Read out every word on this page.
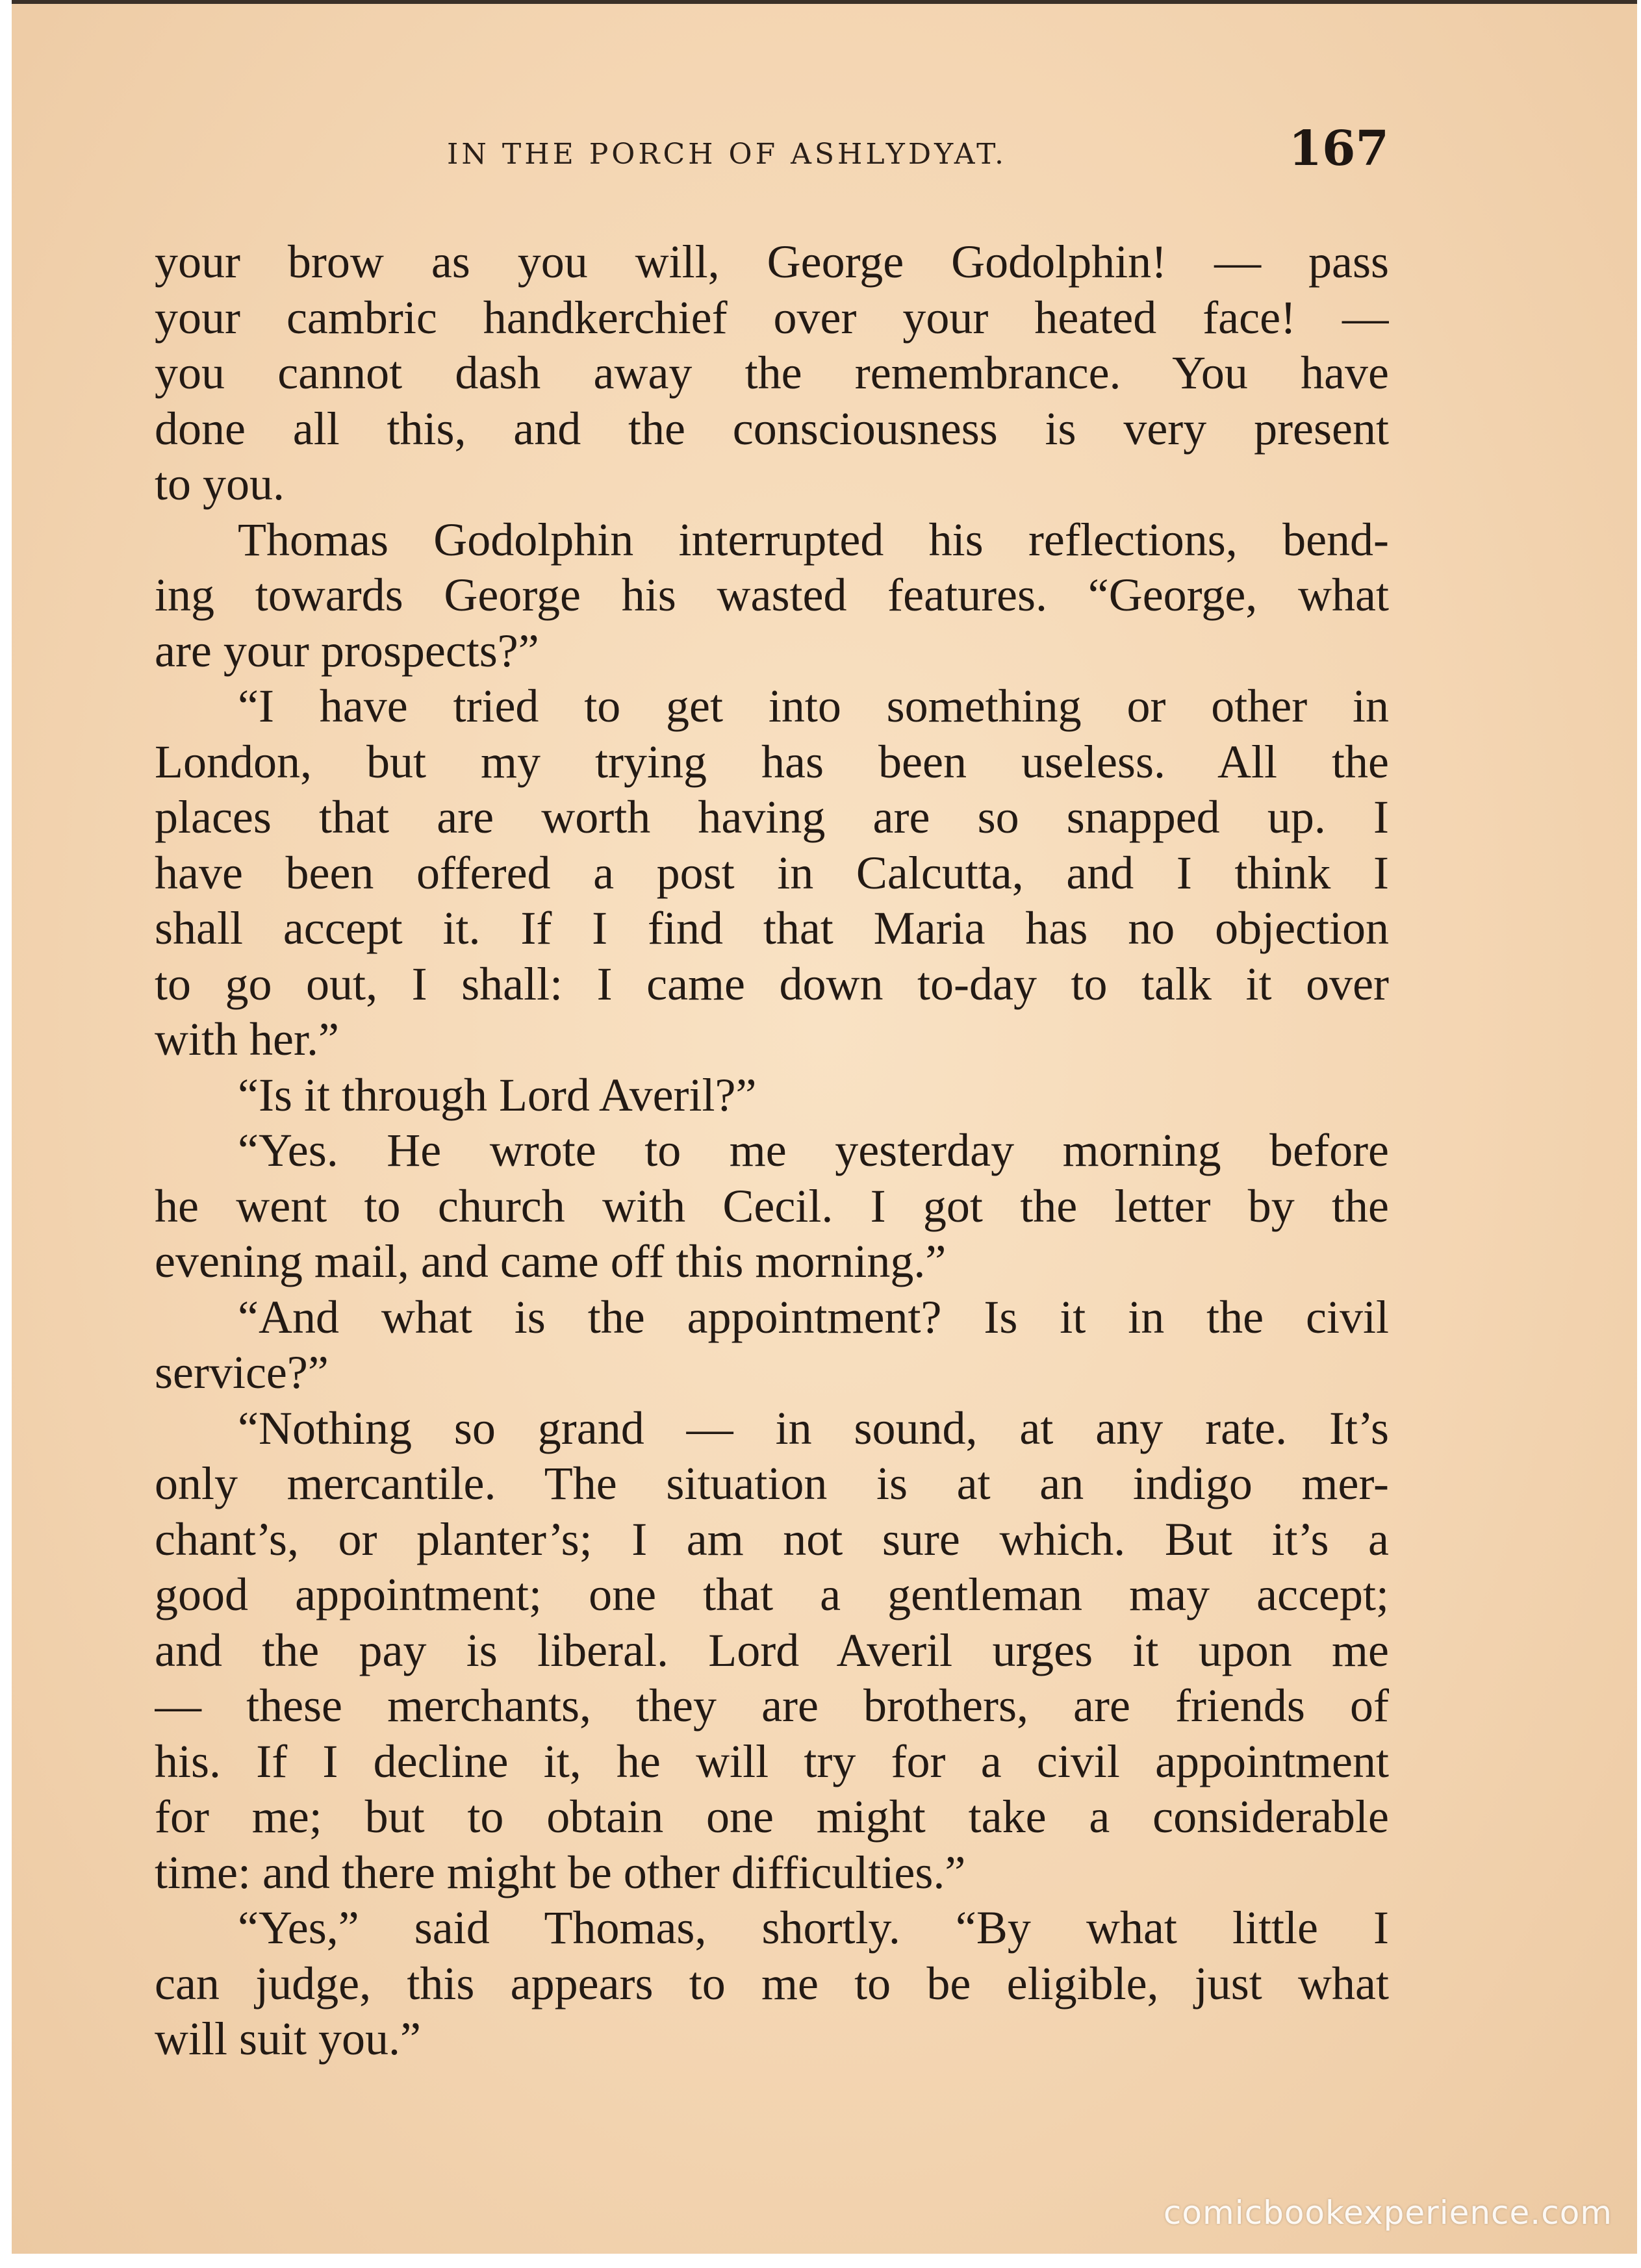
IN THE PORCH OF ASHLYDYAT.	167
your brow as you will, George Godolphin! — pass
your cambric handkerchief over your heated face! —
you cannot dash away the remembrance. You have
done all this, and the consciousness is very present
to you.
Thomas Godolphin interrupted his reflections, bend-
ing towards George his wasted features. “George, what
are your prospects?”
“I have tried to get into something or other in
London, but my trying has been useless. All the
places that are worth having are so snapped up. I
have been offered a post in Calcutta, and I think I
shall accept it. If I find that Maria has no objection
to go out, I shall: I came down to-day to talk it over
with her.”
“Is it through Lord Averil?”
“Yes. He wrote to me yesterday morning before
he went to church with Cecil. I got the letter by the
evening mail, and came off this morning.”
“And what is the appointment? Is it in the civil
service?”
“Nothing so grand — in sound, at any rate. It’s
only mercantile. The situation is at an indigo mer-
chant’s, or planter’s; I am not sure which. But it’s a
good appointment; one that a gentleman may accept;
and the pay is liberal. Lord Averil urges it upon me
— these merchants, they are brothers, are friends of
his. If I decline it, he will try for a civil appointment
for me; but to obtain one might take a considerable
time: and there might be other difficulties.”
“Yes,” said Thomas, shortly. “By what little I
can judge, this appears to me to be eligible, just what
will suit you.”
comicbookexperience.com
